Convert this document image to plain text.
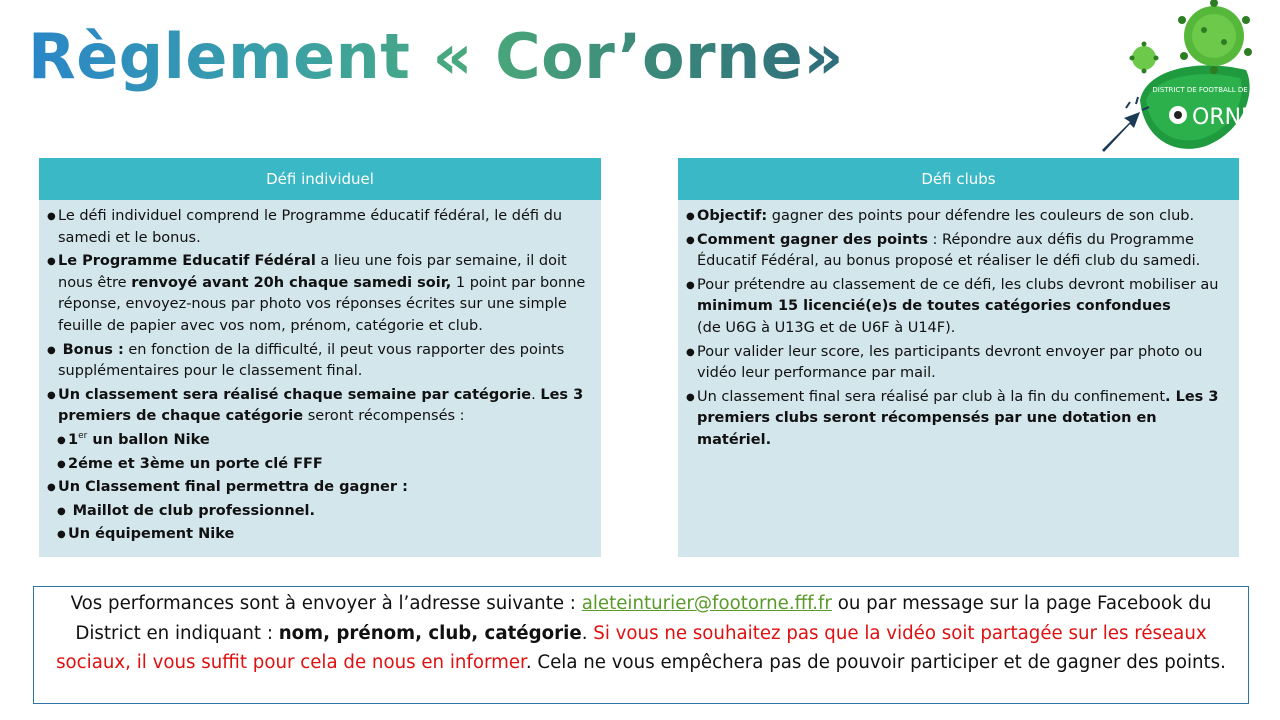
Règlement « Cor’orne»	DISTRICT DE FOOTBALL DE
ORNE
Défi individuel
● Le défi individuel comprend le Programme éducatif fédéral, le défi du samedi et le bonus.
● Le Programme Educatif Fédéral a lieu une fois par semaine, il doit nous être renvoyé avant 20h chaque samedi soir, 1 point par bonne réponse, envoyez-nous par photo vos réponses écrites sur une simple feuille de papier avec vos nom, prénom, catégorie et club.
● Bonus : en fonction de la difficulté, il peut vous rapporter des points supplémentaires pour le classement final.
● Un classement sera réalisé chaque semaine par catégorie. Les 3 premiers de chaque catégorie seront récompensés :
● 1er un ballon Nike
● 2éme et 3ème un porte clé FFF
● Un Classement final permettra de gagner :
● Maillot de club professionnel.
● Un équipement Nike
Défi clubs
● Objectif: gagner des points pour défendre les couleurs de son club.
● Comment gagner des points : Répondre aux défis du Programme Éducatif Fédéral, au bonus proposé et réaliser le défi club du samedi.
● Pour prétendre au classement de ce défi, les clubs devront mobiliser au minimum 15 licencié(e)s de toutes catégories confondues
(de U6G à U13G et de U6F à U14F).
● Pour valider leur score, les participants devront envoyer par photo ou vidéo leur performance par mail.
● Un classement final sera réalisé par club à la fin du confinement. Les 3 premiers clubs seront récompensés par une dotation en matériel.
Vos performances sont à envoyer à l’adresse suivante : aleteinturier@footorne.fff.fr ou par message sur la page Facebook du District en indiquant : nom, prénom, club, catégorie. Si vous ne souhaitez pas que la vidéo soit partagée sur les réseaux sociaux, il vous suffit pour cela de nous en informer. Cela ne vous empêchera pas de pouvoir participer et de gagner des points.
